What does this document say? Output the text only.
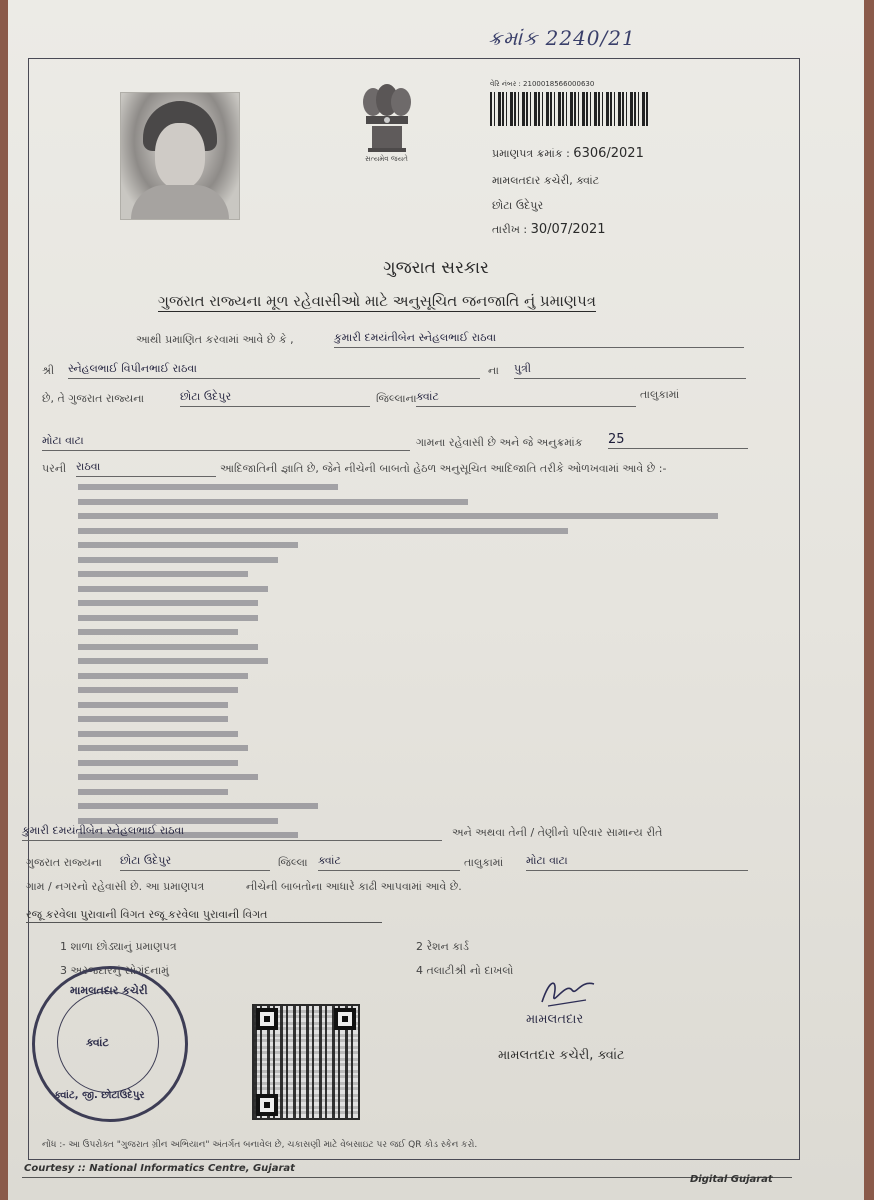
ક્રમાંક 2240/21
સત્યમેવ જયતે
વેરિ નંબર : 2100018566000630
પ્રમાણપત્ર ક્રમાંક : 6306/2021
મામલતદાર કચેરી, ક્વાંટ
છોટા ઉદેપુર
તારીખ : 30/07/2021
ગુજરાત સરકાર
ગુજરાત રાજ્યના મૂળ રહેવાસીઓ માટે અનુસૂચિત જનજાતિ નું પ્રમાણપત્ર
આથી પ્રમાણિત કરવામાં આવે છે કે ,	કુમારી દમયંતીબેન સ્નેહલભાઈ રાઠવા
શ્રી સ્નેહલભાઈ વિપીનભાઈ રાઠવા	ના પુત્રી
છે, તે ગુજરાત રાજ્યના	છોટા ઉદેપુર	જિલ્લાના ક્વાંટ	તાલુકામાં
મોટા વાટા	ગામના રહેવાસી છે અને જે અનુક્રમાંક 25
પરની રાઠવા	આદિજાતિની જ્ઞાતિ છે, જેને નીચેની બાબતો હેઠળ અનુસૂચિત આદિજાતિ તરીકે ઓળખવામાં આવે છે :-
કુમારી દમયંતીબેન સ્નેહલભાઈ રાઠવા	અને અથવા તેની / તેણીનો પરિવાર સામાન્ય રીતે
ગુજરાત રાજ્યના છોટા ઉદેપુર	જિલ્લા ક્વાંટ	તાલુકામાં મોટા વાટા
ગામ / નગરનો રહેવાસી છે. આ પ્રમાણપત્ર	નીચેની બાબતોના આધારે કાઢી આપવામાં આવે છે.
રજૂ કરવેલા પુરાવાની વિગત રજૂ કરવેલા પુરાવાની વિગત
1 શાળા છોડ્યાનું પ્રમાણપત્ર	2 રેશન કાર્ડ
3 અરજદારનું સોગંદનામું	4 તલાટીશ્રી નો દાખલો
મામલતદાર કચેરી
ક્વાંટ
ક્વાંટ, જી. છોટાઉદેપુર
મામલતદાર
મામલતદાર કચેરી, ક્વાંટ
નોંધ :- આ ઉપરોક્ત "ગુજરાત ગ્રીન અભિયાન" અંતર્ગત બનાવેલ છે, ચકાસણી માટે વેબસાઇટ પર જઈ QR કોડ સ્કેન કરો.
Courtesy :: National Informatics Centre, Gujarat
Digital Gujarat
